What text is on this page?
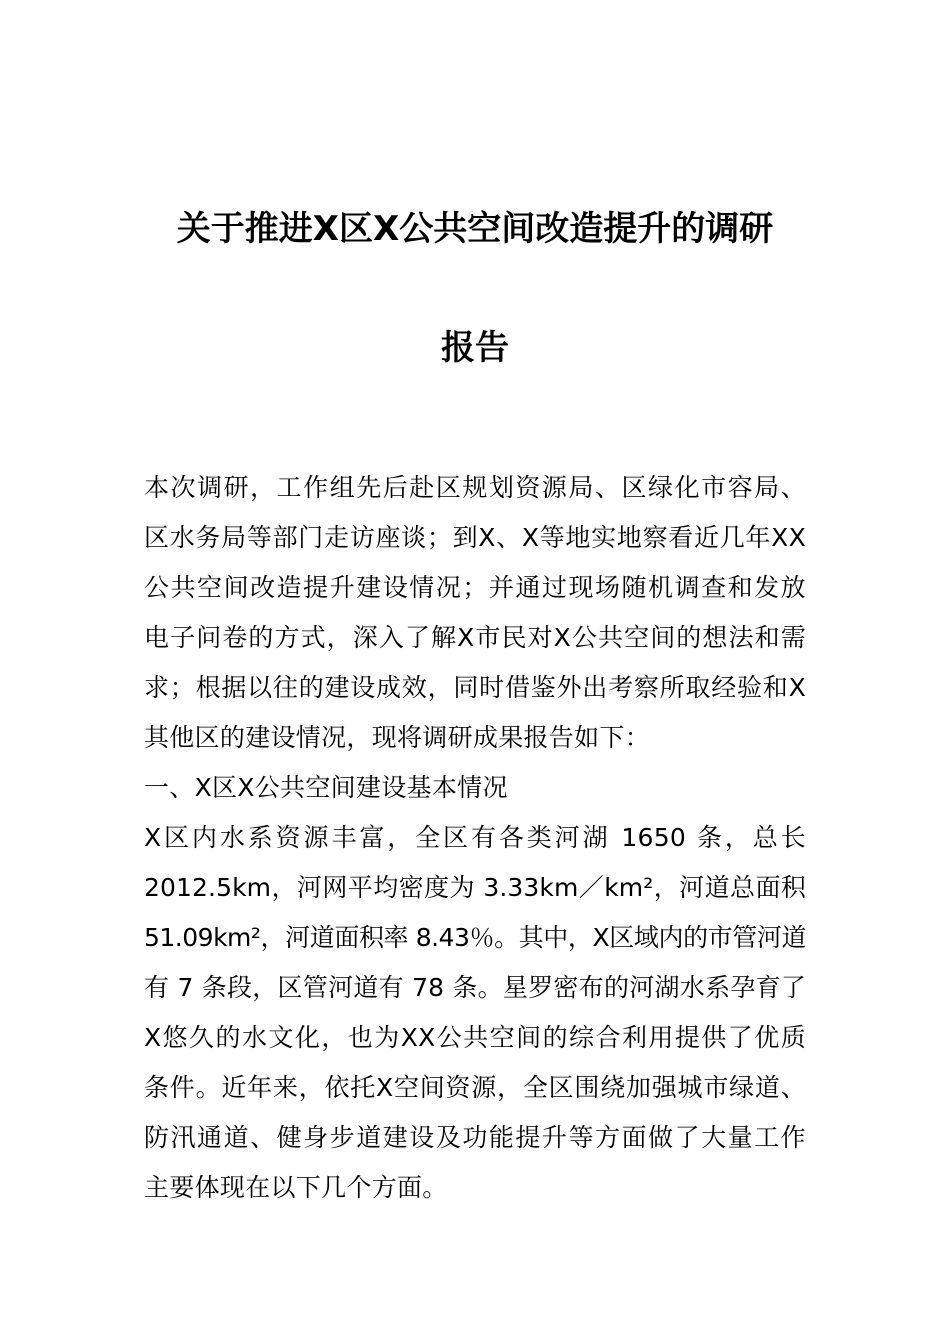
关于推进X区X公共空间改造提升的调研
报告
本次调研，工作组先后赴区规划资源局、区绿化市容局、
区水务局等部门走访座谈；到X、X等地实地察看近几年XX
公共空间改造提升建设情况；并通过现场随机调查和发放
电子问卷的方式，深入了解X市民对X公共空间的想法和需
求；根据以往的建设成效，同时借鉴外出考察所取经验和X
其他区的建设情况，现将调研成果报告如下：
一、X区X公共空间建设基本情况
X区内水系资源丰富，全区有各类河湖 1650 条，总长
2012.5km，河网平均密度为 3.33km／km²，河道总面积
51.09km²，河道面积率 8.43％。其中，X区域内的市管河道
有 7 条段，区管河道有 78 条。星罗密布的河湖水系孕育了
X悠久的水文化，也为XX公共空间的综合利用提供了优质
条件。近年来，依托X空间资源，全区围绕加强城市绿道、
防汛通道、健身步道建设及功能提升等方面做了大量工作
主要体现在以下几个方面。
